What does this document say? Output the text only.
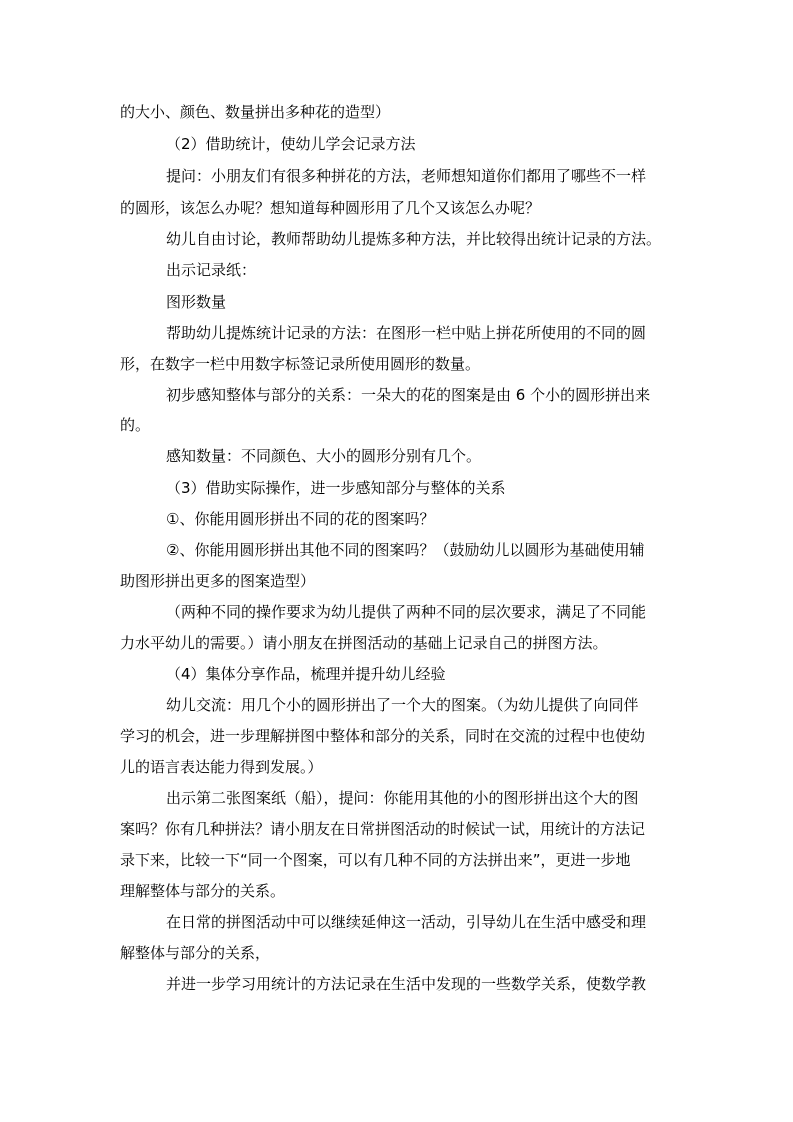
的大小、颜色、数量拼出多种花的造型）
（2）借助统计，使幼儿学会记录方法
提问：小朋友们有很多种拼花的方法，老师想知道你们都用了哪些不一样
的圆形，该怎么办呢？想知道每种圆形用了几个又该怎么办呢？
幼儿自由讨论，教师帮助幼儿提炼多种方法，并比较得出统计记录的方法。
出示记录纸：
图形数量
帮助幼儿提炼统计记录的方法：在图形一栏中贴上拼花所使用的不同的圆
形，在数字一栏中用数字标签记录所使用圆形的数量。
初步感知整体与部分的关系：一朵大的花的图案是由 6 个小的圆形拼出来
的。
感知数量：不同颜色、大小的圆形分别有几个。
（3）借助实际操作，进一步感知部分与整体的关系
①、你能用圆形拼出不同的花的图案吗？
②、你能用圆形拼出其他不同的图案吗？（鼓励幼儿以圆形为基础使用辅
助图形拼出更多的图案造型）
（两种不同的操作要求为幼儿提供了两种不同的层次要求，满足了不同能
力水平幼儿的需要。）请小朋友在拼图活动的基础上记录自己的拼图方法。
（4）集体分享作品，梳理并提升幼儿经验
幼儿交流：用几个小的圆形拼出了一个大的图案。（为幼儿提供了向同伴
学习的机会，进一步理解拼图中整体和部分的关系，同时在交流的过程中也使幼
儿的语言表达能力得到发展。）
出示第二张图案纸（船），提问：你能用其他的小的图形拼出这个大的图
案吗？你有几种拼法？请小朋友在日常拼图活动的时候试一试，用统计的方法记
录下来，比较一下“同一个图案，可以有几种不同的方法拼出来”，更进一步地
理解整体与部分的关系。
在日常的拼图活动中可以继续延伸这一活动，引导幼儿在生活中感受和理
解整体与部分的关系，
并进一步学习用统计的方法记录在生活中发现的一些数学关系，使数学教
